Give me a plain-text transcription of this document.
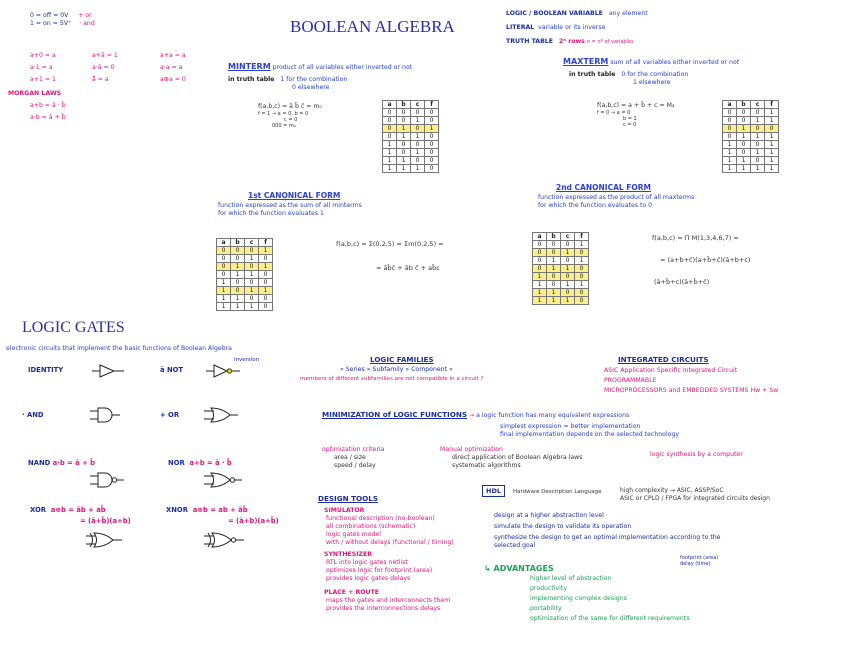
0 = off = 0V + or
1 = on = 5V⁺ · and
a+0 = a
a·1 = a
a+1 = 1
a+ā = 1
a·ā = 0
ā̄ = a
a+a = a
a·a = a
a⊕a = 0
MORGAN LAWS
a+b = ā · b̄
a·b = ā + b̄
BOOLEAN ALGEBRA
LOGIC / BOOLEAN VARIABLE any element
LITERAL variable or its inverse
TRUTH TABLE 2ⁿ rows n = nº of variables
MINTERM product of all variables either inverted or not
in truth table 1 for the combination
0 elsewhere
f(a,b,c) = ā b̄ c̄ = m₀
f = 1 → a = 0, b = 0
c = 0
000 = m₀
a	b	c	f
0	0	0	0
0	0	1	0
0	1	0	1
0	1	1	0
1	0	0	0
1	0	1	0
1	1	0	0
1	1	1	0
MAXTERM sum of all variables either inverted or not
in truth table 0 for the combination
1 elsewhere
f(a,b,c) = a + b̄ + c = M₂
f = 0 → a = 0
b = 1
c = 0
a	b	c	f
0	0	0	1
0	0	1	1
0	1	0	0
0	1	1	1
1	0	0	1
1	0	1	1
1	1	0	1
1	1	1	1
1st CANONICAL FORM
function expressed as the sum of all minterms
for which the function evaluates 1
a	b	c	f
0	0	0	1
0	0	1	0
0	1	0	1
0	1	1	0
1	0	0	0
1	0	1	1
1	1	0	0
1	1	1	0
f(a,b,c) = Σ(0,2,5) = Σm(0,2,5) =
= āb̄c̄ + āb c̄ + ab̄c
2nd CANONICAL FORM
function expressed as the product of all maxterms
for which the function evaluates to 0
a	b	c	f
0	0	0	1
0	0	1	0
0	1	0	1
0	1	1	0
1	0	0	0
1	0	1	1
1	1	0	0
1	1	1	0
f(a,b,c) = Π M(1,3,4,6,7) =
= (a+b+c̄)(a+b̄+c̄)(ā+b+c)
(ā+b̄+c)(ā+b̄+c̄)
LOGIC GATES
electronic circuits that implement the basic functions of Boolean Algebra
IDENTITY	ā NOT
inversion
· AND	+ OR
NAND a·b = ā + b̄	NOR a+b = ā · b̄
XOR a⊕b = āb + ab̄
= (ā+b̄)(a+b)
XNOR a⊕b = ab + āb̄
= (ā+b)(a+b̄)
LOGIC FAMILIES
« Series » Subfamily » Component »
members of different subfamilies are not compatible in a circuit ?
INTEGRATED CIRCUITS
ASIC Application Specific Integrated Circuit
PROGRAMMABLE
MICROPROCESSORS and EMBEDDED SYSTEMS Hw + Sw
MINIMIZATION of LOGIC FUNCTIONS → a logic function has many equivalent expressions
simplest expression = better implementation
final implementation depends on the selected technology
optimization criteria
area / size
speed / delay
Manual optimization
direct application of Boolean Algebra laws
systematic algorithms
logic synthesis by a computer
DESIGN TOOLS
SIMULATOR
functional description (no-boolean)
all combinations (schematic)
logic gates model
with / without delays (functional / timing)
SYNTHESIZER
RTL into logic gates netlist
optimizes logic for footprint (area)
provides logic gates delays
PLACE + ROUTE
maps the gates and interconnects them
provides the interconnections delays
HDL Hardware Description Language	high complexity → ASIC, ASSP/SoC
ASIC or CPLD / FPGA for integrated circuits design
design at a higher abstraction level
simulate the design to validate its operation
synthesize the design to get an optimal implementation according to the selected goal
footprint (area)
delay (time)
↳ ADVANTAGES
higher level of abstraction
productivity
implementing complex designs
portability
optimization of the same for different requirements
